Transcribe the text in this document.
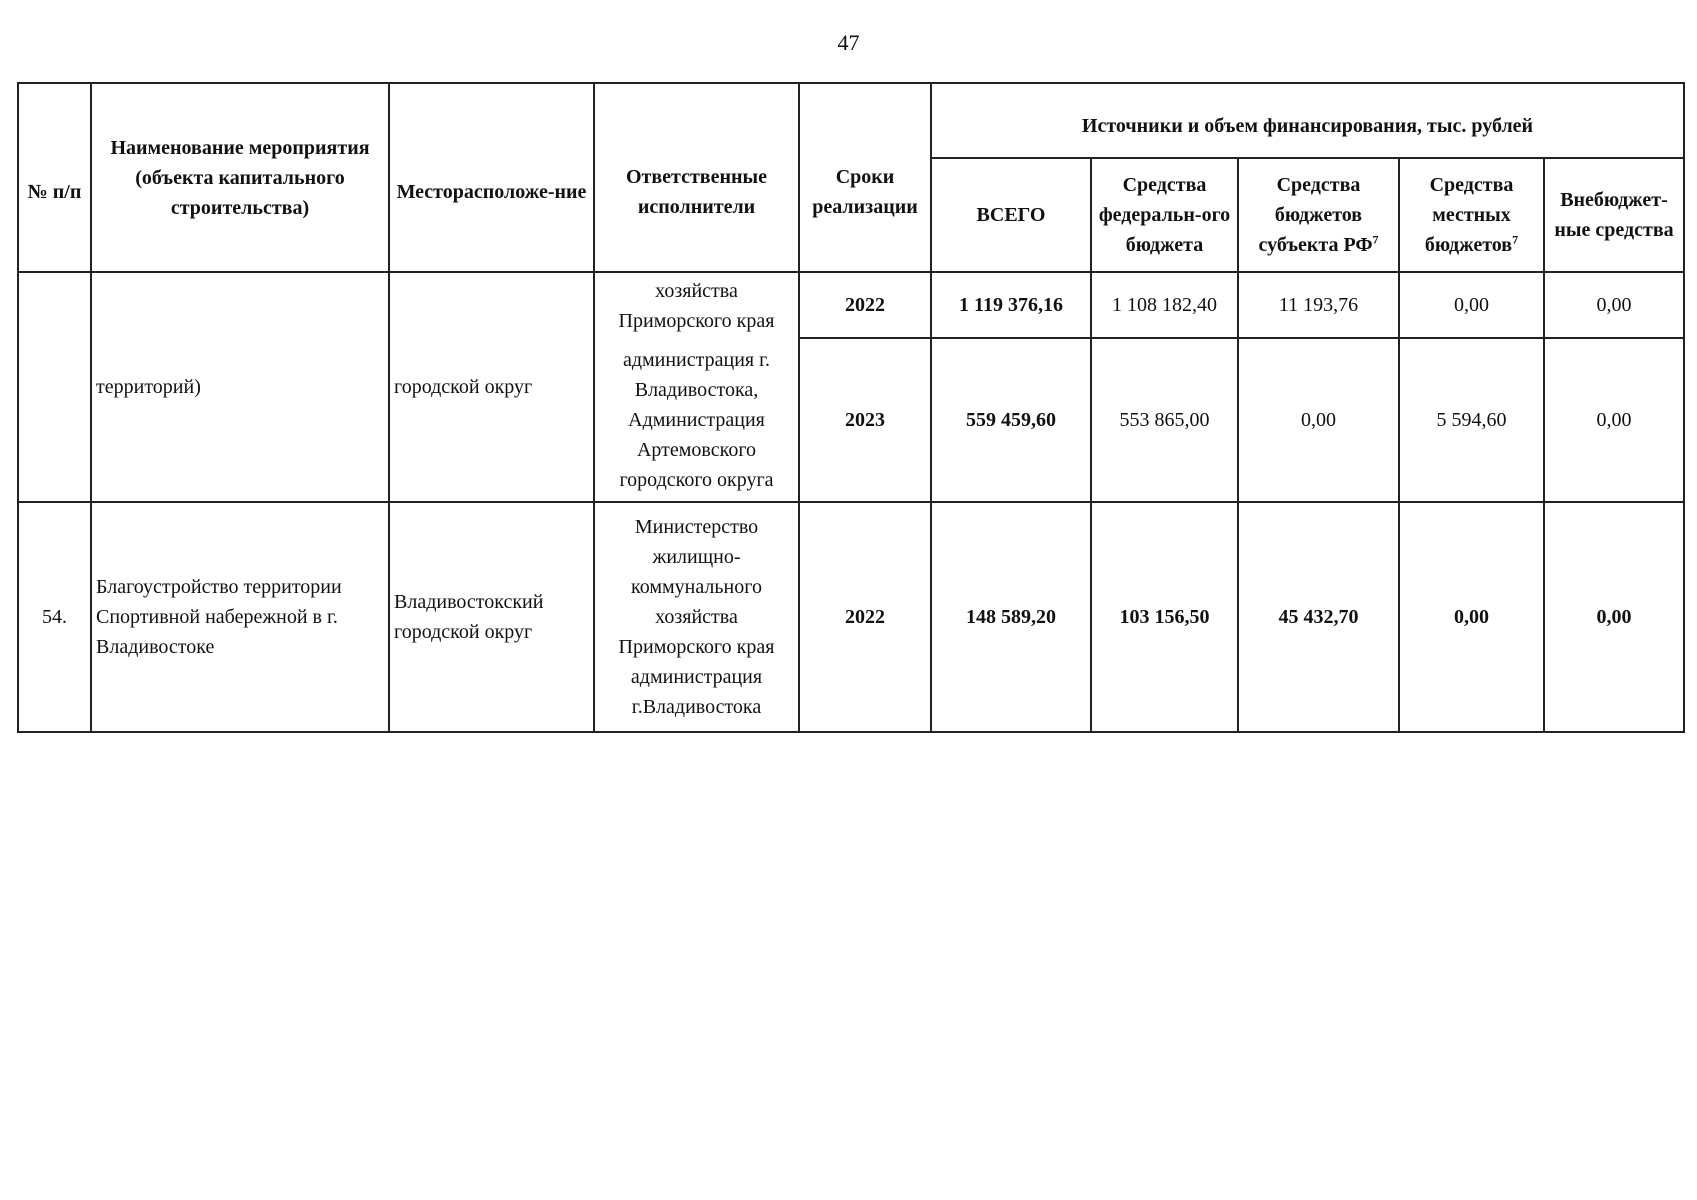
47
№ п/п	Наименование мероприятия (объекта капитального строительства)	Месторасположе-ние	Ответственные исполнители	Сроки реализации	Источники и объем финансирования, тыс. рублей				
					ВСЕГО	Средства федеральн-ого бюджета	Средства бюджетов субъекта $РФ^7$	Средства местных бюджетов$^7$	Внебюджет-ные средства
	территорий)	городской округ	хозяйства Приморского края	2022	1 119 376,16	1 108 182,40	11 193,76	0,00	0,00
			администрация г. Владивостока, Администрация Артемовского городского округа	2023	559 459,60	553 865,00	0,00	5 594,60	0,00
54.	Благоустройство территории Спортивной набережной в г. Владивостоке	Владивостокский городской округ	Министерство жилищно-коммунального хозяйства Приморского края администрация г.Владивостока	2022	148 589,20	103 156,50	45 432,70	0,00	0,00
